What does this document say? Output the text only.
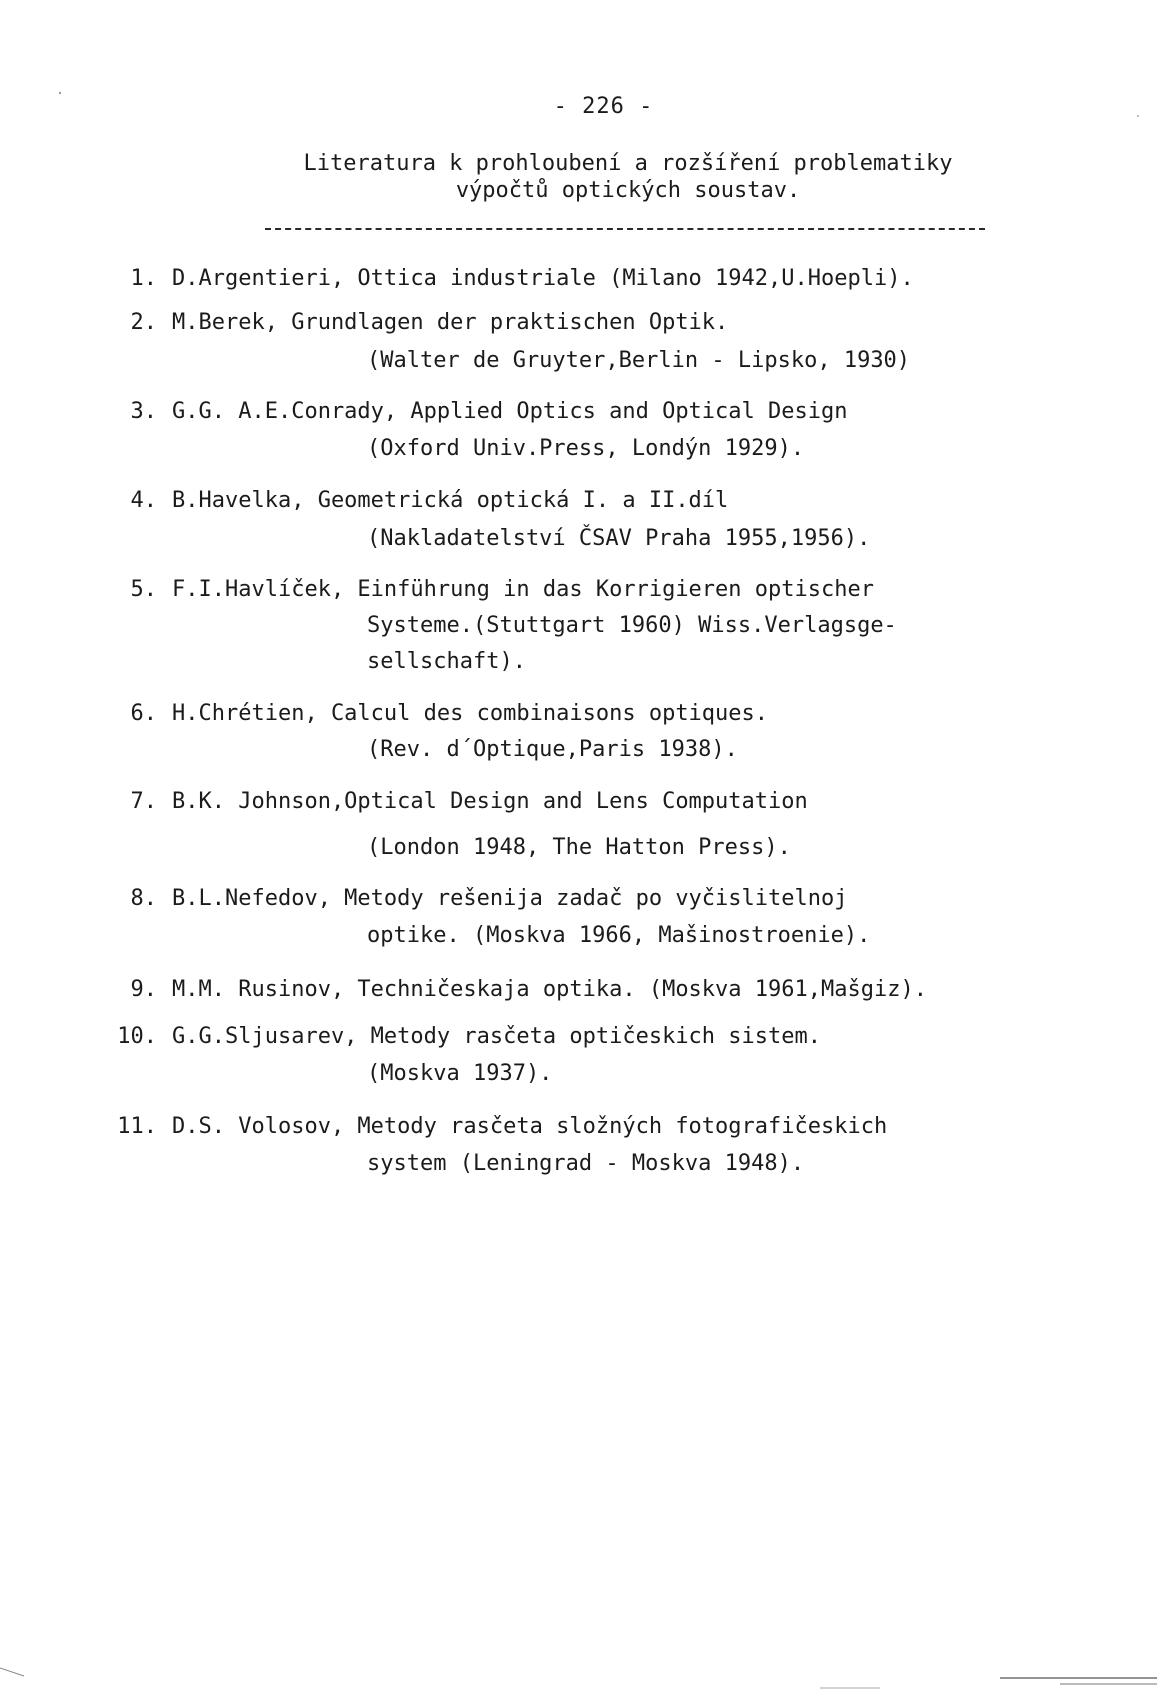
- 226 -
Literatura k prohloubení a rozšíření problematiky
výpočtů optických soustav.
1. D.Argentieri, Ottica industriale (Milano 1942,U.Hoepli).
2. M.Berek, Grundlagen der praktischen Optik.
(Walter de Gruyter,Berlin - Lipsko, 1930)
3. G.G. A.E.Conrady, Applied Optics and Optical Design
(Oxford Univ.Press, Londýn 1929).
4. B.Havelka, Geometrická optická I. a II.díl
(Nakladatelství ČSAV Praha 1955,1956).
5. F.I.Havlíček, Einführung in das Korrigieren optischer
Systeme.(Stuttgart 1960) Wiss.Verlagsge-
sellschaft).
6. H.Chrétien, Calcul des combinaisons optiques.
(Rev. d´Optique,Paris 1938).
7. B.K. Johnson,Optical Design and Lens Computation
(London 1948, The Hatton Press).
8. B.L.Nefedov, Metody rešenija zadač po vyčislitelnoj
optike. (Moskva 1966, Mašinostroenie).
9. M.M. Rusinov, Techničeskaja optika. (Moskva 1961,Mašgiz).
10. G.G.Sljusarev, Metody rasčeta optičeskich sistem.
(Moskva 1937).
11. D.S. Volosov, Metody rasčeta složných fotografičeskich
system (Leningrad - Moskva 1948).
